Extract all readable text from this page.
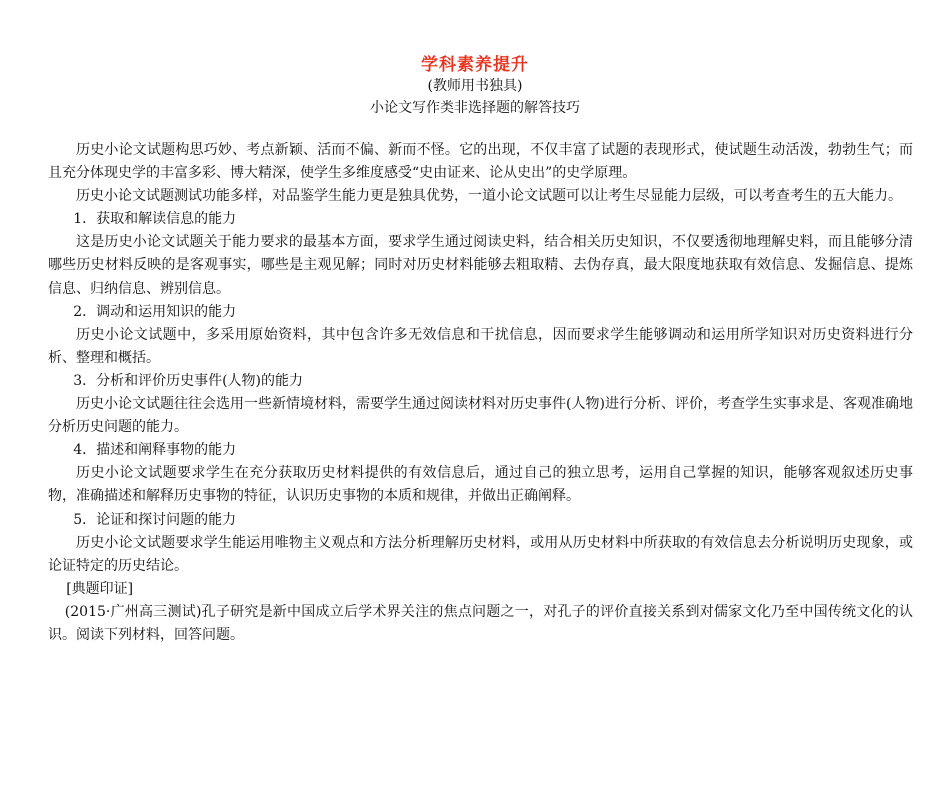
学科素养提升
(教师用书独具)
小论文写作类非选择题的解答技巧

历史小论文试题构思巧妙、考点新颖、活而不偏、新而不怪。它的出现，不仅丰富了试题的表现形式，使试题生动活泼，勃勃生气；而且充分体现史学的丰富多彩、博大精深，使学生多维度感受“史由证来、论从史出”的史学原理。

历史小论文试题测试功能多样，对品鉴学生能力更是独具优势，一道小论文试题可以让考生尽显能力层级，可以考查考生的五大能力。

1．获取和解读信息的能力

这是历史小论文试题关于能力要求的最基本方面，要求学生通过阅读史料，结合相关历史知识，不仅要透彻地理解史料，而且能够分清哪些历史材料反映的是客观事实，哪些是主观见解；同时对历史材料能够去粗取精、去伪存真，最大限度地获取有效信息、发掘信息、提炼信息、归纳信息、辨别信息。

2．调动和运用知识的能力

历史小论文试题中，多采用原始资料，其中包含许多无效信息和干扰信息，因而要求学生能够调动和运用所学知识对历史资料进行分析、整理和概括。

3．分析和评价历史事件(人物)的能力

历史小论文试题往往会选用一些新情境材料，需要学生通过阅读材料对历史事件(人物)进行分析、评价，考查学生实事求是、客观准确地分析历史问题的能力。

4．描述和阐释事物的能力

历史小论文试题要求学生在充分获取历史材料提供的有效信息后，通过自己的独立思考，运用自己掌握的知识，能够客观叙述历史事物，准确描述和解释历史事物的特征，认识历史事物的本质和规律，并做出正确阐释。

5．论证和探讨问题的能力

历史小论文试题要求学生能运用唯物主义观点和方法分析理解历史材料，或用从历史材料中所获取的有效信息去分析说明历史现象，或论证特定的历史结论。

[典题印证]

(2015·广州高三测试)孔子研究是新中国成立后学术界关注的焦点问题之一，对孔子的评价直接关系到对儒家文化乃至中国传统文化的认识。阅读下列材料，回答问题。
